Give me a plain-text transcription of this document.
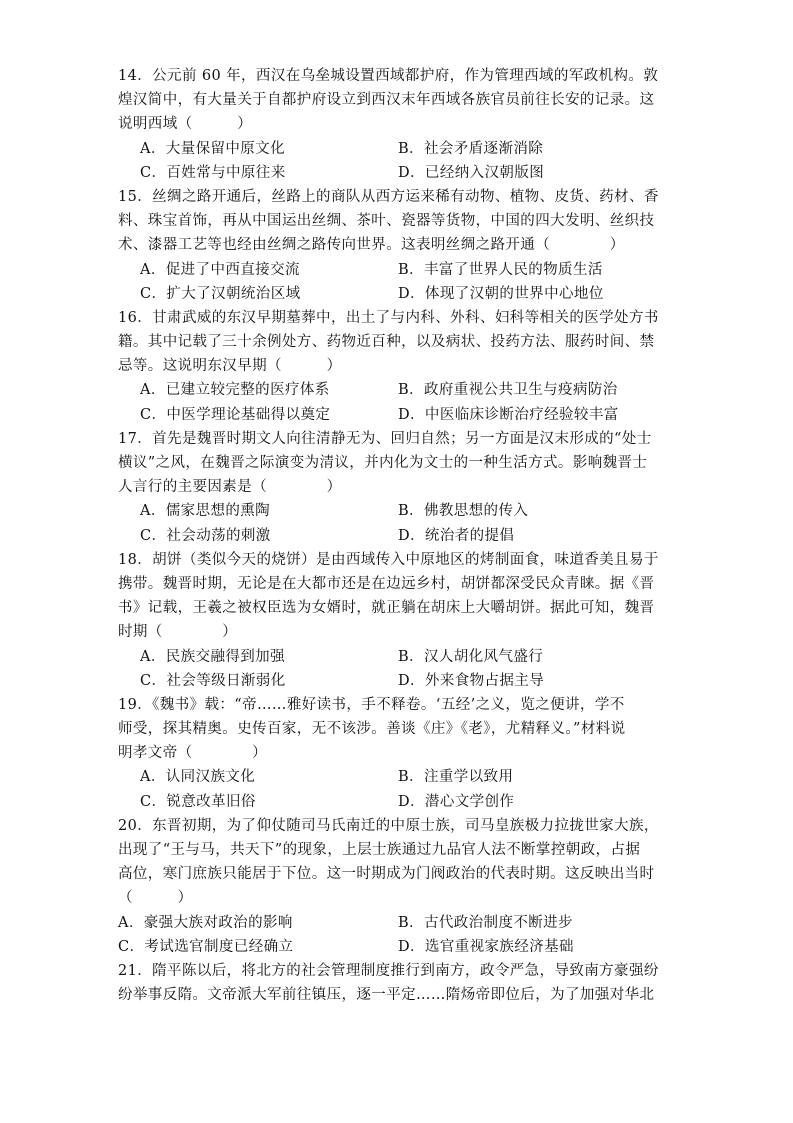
14．公元前 60 年，西汉在乌垒城设置西域都护府，作为管理西域的军政机构。敦
煌汉简中，有大量关于自都护府设立到西汉末年西域各族官员前往长安的记录。这
说明西域（　　　）
A．大量保留中原文化	B．社会矛盾逐渐消除
C．百姓常与中原往来	D．已经纳入汉朝版图
15．丝绸之路开通后，丝路上的商队从西方运来稀有动物、植物、皮货、药材、香
料、珠宝首饰，再从中国运出丝绸、茶叶、瓷器等货物，中国的四大发明、丝织技
术、漆器工艺等也经由丝绸之路传向世界。这表明丝绸之路开通（　　　　）
A．促进了中西直接交流	B．丰富了世界人民的物质生活
C．扩大了汉朝统治区域	D．体现了汉朝的世界中心地位
16．甘肃武威的东汉早期墓葬中，出土了与内科、外科、妇科等相关的医学处方书
籍。其中记载了三十余例处方、药物近百种，以及病状、投药方法、服药时间、禁
忌等。这说明东汉早期（　　　）
A．已建立较完整的医疗体系	B．政府重视公共卫生与疫病防治
C．中医学理论基础得以奠定	D．中医临床诊断治疗经验较丰富
17．首先是魏晋时期文人向往清静无为、回归自然；另一方面是汉末形成的“处士
横议”之风，在魏晋之际演变为清议，并内化为文士的一种生活方式。影响魏晋士
人言行的主要因素是（　　　　）
A．儒家思想的熏陶	B．佛教思想的传入
C．社会动荡的刺激	D．统治者的提倡
18．胡饼（类似今天的烧饼）是由西域传入中原地区的烤制面食，味道香美且易于
携带。魏晋时期，无论是在大都市还是在边远乡村，胡饼都深受民众青睐。据《晋
书》记载，王羲之被权臣选为女婿时，就正躺在胡床上大嚼胡饼。据此可知，魏晋
时期（　　　　）
A．民族交融得到加强	B．汉人胡化风气盛行
C．社会等级日渐弱化	D．外来食物占据主导
19．《魏书》载：“帝……雅好读书，手不释卷。‘五经’之义，览之便讲，学不
师受，探其精奥。史传百家，无不该涉。善谈《庄》《老》，尤精释义。”材料说
明孝文帝（　　　　）
A．认同汉族文化	B．注重学以致用
C．锐意改革旧俗	D．潜心文学创作
20．东晋初期，为了仰仗随司马氏南迁的中原士族，司马皇族极力拉拢世家大族，
出现了“王与马，共天下”的现象，上层士族通过九品官人法不断掌控朝政，占据
高位，寒门庶族只能居于下位。这一时期成为门阀政治的代表时期。这反映出当时
（　　　）
A．豪强大族对政治的影响	B．古代政治制度不断进步
C．考试选官制度已经确立	D．选官重视家族经济基础
21．隋平陈以后，将北方的社会管理制度推行到南方，政令严急，导致南方豪强纷
纷举事反隋。文帝派大军前往镇压，逐一平定……隋炀帝即位后，为了加强对华北
